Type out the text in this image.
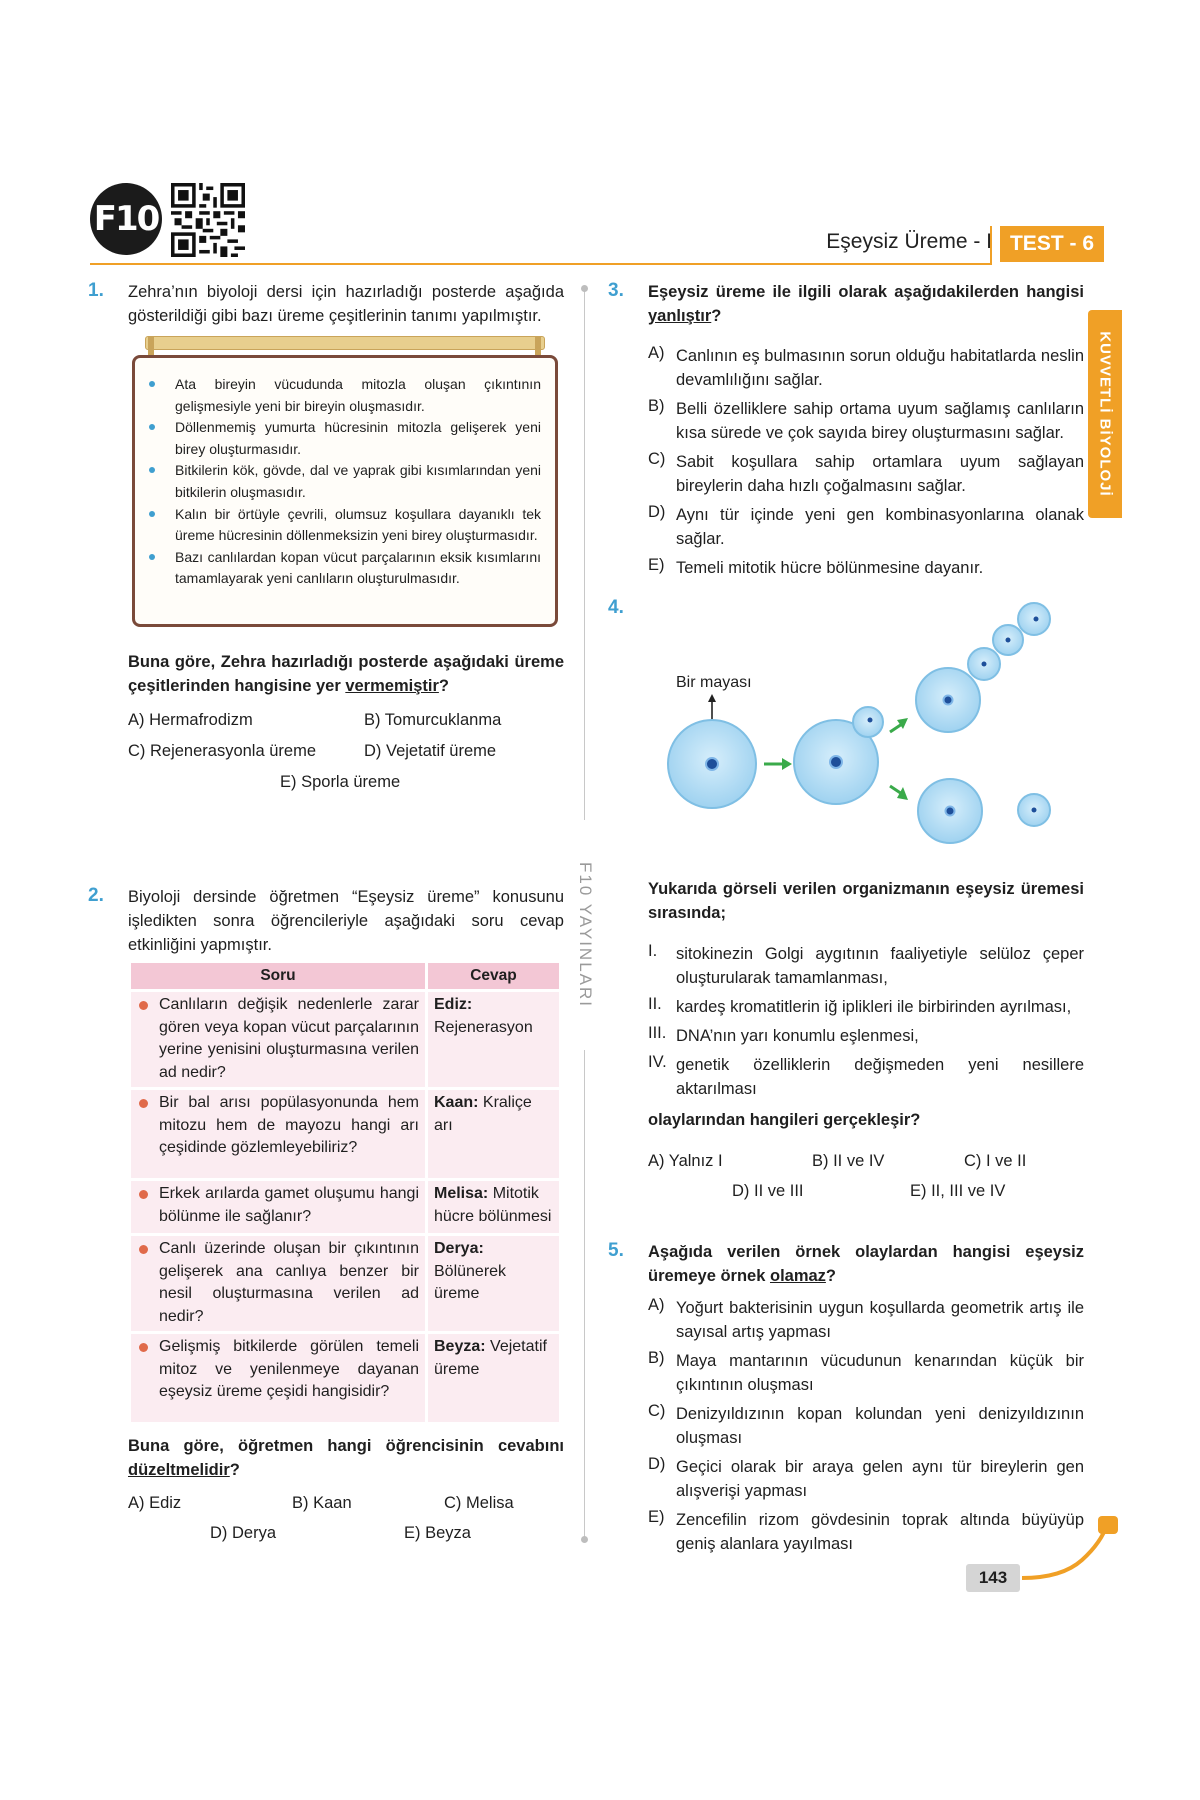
F10
Eşeysiz Üreme - I TEST - 6
KUVVETLİ BİYOLOJİ
F10 YAYINLARI
1. Zehra’nın biyoloji dersi için hazırladığı posterde aşağıda gösterildiği gibi bazı üreme çeşitlerinin tanımı yapılmıştır.
Ata bireyin vücudunda mitozla oluşan çıkıntının gelişmesiyle yeni bir bireyin oluşmasıdır.
Döllenmemiş yumurta hücresinin mitozla gelişerek yeni birey oluşturmasıdır.
Bitkilerin kök, gövde, dal ve yaprak gibi kısımlarından yeni bitkilerin oluşmasıdır.
Kalın bir örtüyle çevrili, olumsuz koşullara dayanıklı tek üreme hücresinin döllenmeksizin yeni birey oluşturmasıdır.
Bazı canlılardan kopan vücut parçalarının eksik kısımlarını tamamlayarak yeni canlıların oluşturulmasıdır.
Buna göre, Zehra hazırladığı posterde aşağıdaki üreme çeşitlerinden hangisine yer vermemiştir?
A) Hermafrodizm	B) Tomurcuklanma
C) Rejenerasyonla üreme	D) Vejetatif üreme
E) Sporla üreme
2. Biyoloji dersinde öğretmen “Eşeysiz üreme” konusunu işledikten sonra öğrencileriyle aşağıdaki soru cevap etkinliğini yapmıştır.
Soru	Cevap
Canlıların değişik nedenlerle zarar gören veya kopan vücut parçalarının yerine yenisini oluşturmasına verilen ad nedir?	Ediz: Rejenerasyon
Bir bal arısı popülasyonunda hem mitozu hem de mayozu hangi arı çeşidinde gözlemleyebiliriz?	Kaan: Kraliçe arı
Erkek arılarda gamet oluşumu hangi bölünme ile sağlanır?	Melisa: Mitotik hücre bölünmesi
Canlı üzerinde oluşan bir çıkıntının gelişerek ana canlıya benzer bir nesil oluşturmasına verilen ad nedir?	Derya: Bölünerek üreme
Gelişmiş bitkilerde görülen temeli mitoz ve yenilenmeye dayanan eşeysiz üreme çeşidi hangisidir?	Beyza: Vejetatif üreme
Buna göre, öğretmen hangi öğrencisinin cevabını düzeltmelidir?
A) Ediz	B) Kaan	C) Melisa
D) Derya	E) Beyza
3. Eşeysiz üreme ile ilgili olarak aşağıdakilerden hangisi yanlıştır?
A) Canlının eş bulmasının sorun olduğu habitatlarda neslin devamlılığını sağlar.
B) Belli özelliklere sahip ortama uyum sağlamış canlıların kısa sürede ve çok sayıda birey oluşturmasını sağlar.
C) Sabit koşullara sahip ortamlara uyum sağlayan bireylerin daha hızlı çoğalmasını sağlar.
D) Aynı tür içinde yeni gen kombinasyonlarına olanak sağlar.
E) Temeli mitotik hücre bölünmesine dayanır.
4.
Bir mayası
Yukarıda görseli verilen organizmanın eşeysiz üremesi sırasında;
I.	sitokinezin Golgi aygıtının faaliyetiyle selüloz çeper oluşturularak tamamlanması,
II. kardeş kromatitlerin iğ iplikleri ile birbirinden ayrılması,
III. DNA’nın yarı konumlu eşlenmesi,
IV. genetik özelliklerin değişmeden yeni nesillere aktarılması
olaylarından hangileri gerçekleşir?
A) Yalnız I	B) II ve IV	C) I ve II
D) II ve III	E) II, III ve IV
5. Aşağıda verilen örnek olaylardan hangisi eşeysiz üremeye örnek olamaz?
A) Yoğurt bakterisinin uygun koşullarda geometrik artış ile sayısal artış yapması
B) Maya mantarının vücudunun kenarından küçük bir çıkıntının oluşması
C) Denizyıldızının kopan kolundan yeni denizyıldızının oluşması
D) Geçici olarak bir araya gelen aynı tür bireylerin gen alışverişi yapması
E) Zencefilin rizom gövdesinin toprak altında büyüyüp geniş alanlara yayılması
143
